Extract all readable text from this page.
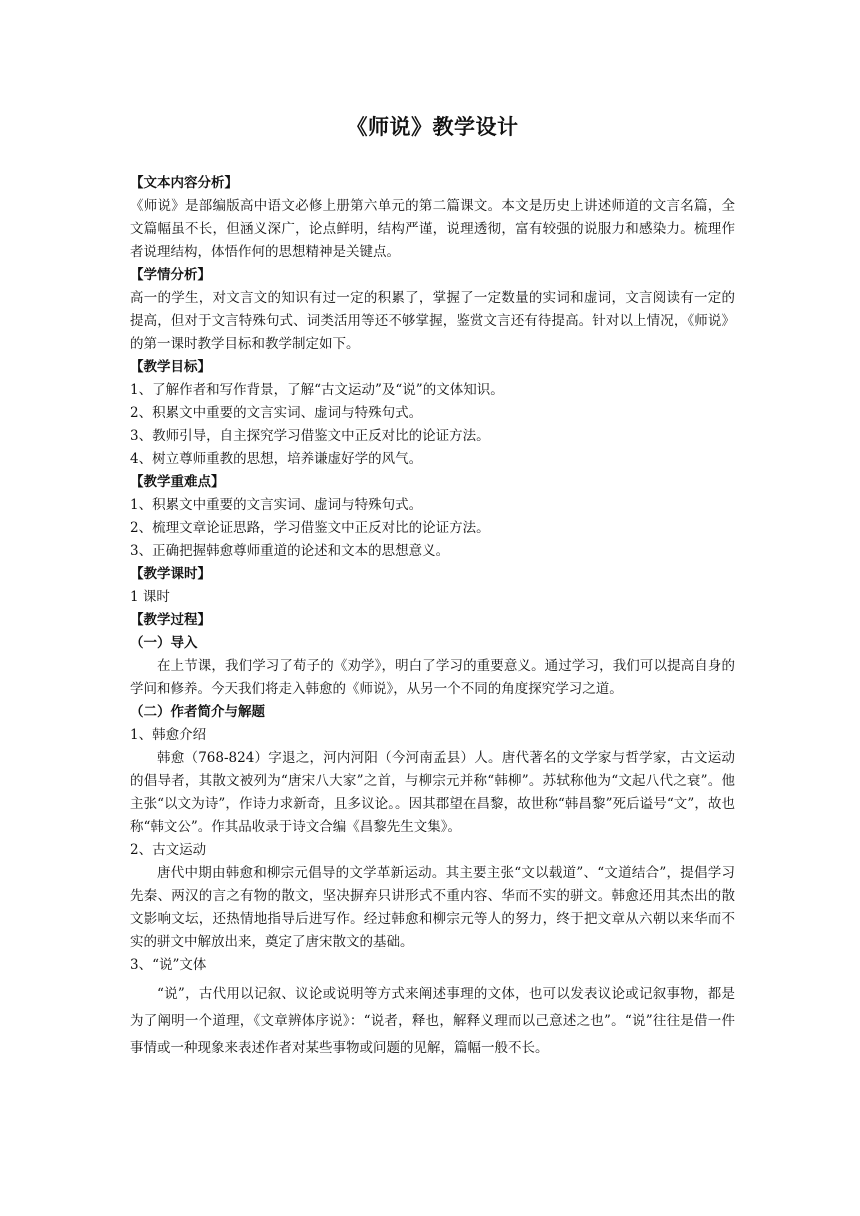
《师说》教学设计

【文本内容分析】

《师说》是部编版高中语文必修上册第六单元的第二篇课文。本文是历史上讲述师道的文言名篇，全文篇幅虽不长，但涵义深广，论点鲜明，结构严谨，说理透彻，富有较强的说服力和感染力。梳理作者说理结构，体悟作何的思想精神是关键点。

【学情分析】

高一的学生，对文言文的知识有过一定的积累了，掌握了一定数量的实词和虚词，文言阅读有一定的提高，但对于文言特殊句式、词类活用等还不够掌握，鉴赏文言还有待提高。针对以上情况，《师说》的第一课时教学目标和教学制定如下。

【教学目标】

1、了解作者和写作背景，了解“古文运动”及“说”的文体知识。

2、积累文中重要的文言实词、虚词与特殊句式。

3、教师引导，自主探究学习借鉴文中正反对比的论证方法。

4、树立尊师重教的思想，培养谦虚好学的风气。

【教学重难点】

1、积累文中重要的文言实词、虚词与特殊句式。

2、梳理文章论证思路，学习借鉴文中正反对比的论证方法。

3、正确把握韩愈尊师重道的论述和文本的思想意义。

【教学课时】

1 课时

【教学过程】

（一）导入

在上节课，我们学习了荀子的《劝学》，明白了学习的重要意义。通过学习，我们可以提高自身的学问和修养。今天我们将走入韩愈的《师说》，从另一个不同的角度探究学习之道。

（二）作者简介与解题

1、韩愈介绍

韩愈（768-824）字退之，河内河阳（今河南孟县）人。唐代著名的文学家与哲学家，古文运动的倡导者，其散文被列为“唐宋八大家”之首，与柳宗元并称“韩柳”。苏轼称他为“文起八代之衰”。他主张“以文为诗”，作诗力求新奇，且多议论。。因其郡望在昌黎，故世称“韩昌黎”死后谥号“文”，故也称“韩文公”。作其品收录于诗文合编《昌黎先生文集》。

2、古文运动

唐代中期由韩愈和柳宗元倡导的文学革新运动。其主要主张“文以载道”、“文道结合”，提倡学习先秦、两汉的言之有物的散文，坚决摒弃只讲形式不重内容、华而不实的骈文。韩愈还用其杰出的散文影响文坛，还热情地指导后进写作。经过韩愈和柳宗元等人的努力，终于把文章从六朝以来华而不实的骈文中解放出来，奠定了唐宋散文的基础。

3、“说”文体

“说”，古代用以记叙、议论或说明等方式来阐述事理的文体，也可以发表议论或记叙事物，都是为了阐明一个道理，《文章辨体序说》：“说者，释也，解释义理而以己意述之也”。“说”往往是借一件事情或一种现象来表述作者对某些事物或问题的见解，篇幅一般不长。
